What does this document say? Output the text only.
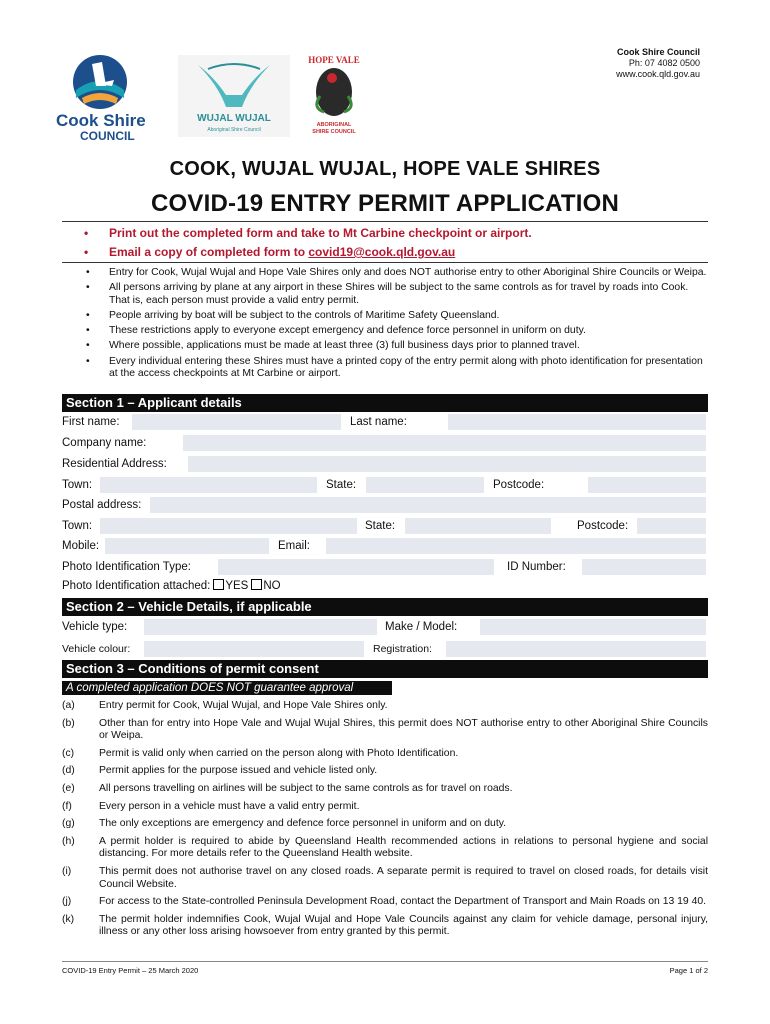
Cook Shire Council
Ph: 07 4082 0500
www.cook.qld.gov.au
Cook Shire
COUNCIL
WUJAL WUJAL
Aboriginal Shire Council
HOPE VALE
ABORIGINAL
SHIRE COUNCIL
COOK, WUJAL WUJAL, HOPE VALE SHIRES
COVID-19 ENTRY PERMIT APPLICATION
• Print out the completed form and take to Mt Carbine checkpoint or airport.
• Email a copy of completed form to covid19@cook.qld.gov.au
• Entry for Cook, Wujal Wujal and Hope Vale Shires only and does NOT authorise entry to other Aboriginal Shire Councils or Weipa.
• All persons arriving by plane at any airport in these Shires will be subject to the same controls as for travel by roads into Cook. That is, each person must provide a valid entry permit.
• People arriving by boat will be subject to the controls of Maritime Safety Queensland.
• These restrictions apply to everyone except emergency and defence force personnel in uniform on duty.
• Where possible, applications must be made at least three (3) full business days prior to planned travel.
• Every individual entering these Shires must have a printed copy of the entry permit along with photo identification for presentation at the access checkpoints at Mt Carbine or airport.
Section 1 – Applicant details
First name:	Last name:
Company name:
Residential Address:
Town:	State:	Postcode:
Postal address:
Town:	State:	Postcode:
Mobile:	Email:
Photo Identification Type:	ID Number:
Photo Identification attached: YES NO
Section 2 – Vehicle Details, if applicable
Vehicle type:	Make / Model:
Vehicle colour:	Registration:
Section 3 – Conditions of permit consent
A completed application DOES NOT guarantee approval
(a)	Entry permit for Cook, Wujal Wujal, and Hope Vale Shires only.
(b)	Other than for entry into Hope Vale and Wujal Wujal Shires, this permit does NOT authorise entry to other Aboriginal Shire Councils or Weipa.
(c)	Permit is valid only when carried on the person along with Photo Identification.
(d)	Permit applies for the purpose issued and vehicle listed only.
(e)	All persons travelling on airlines will be subject to the same controls as for travel on roads.
(f)	Every person in a vehicle must have a valid entry permit.
(g)	The only exceptions are emergency and defence force personnel in uniform and on duty.
(h)	A permit holder is required to abide by Queensland Health recommended actions in relations to personal hygiene and social distancing. For more details refer to the Queensland Health website.
(i)	This permit does not authorise travel on any closed roads. A separate permit is required to travel on closed roads, for details visit Council Website.
(j)	For access to the State-controlled Peninsula Development Road, contact the Department of Transport and Main Roads on 13 19 40.
(k)	The permit holder indemnifies Cook, Wujal Wujal and Hope Vale Councils against any claim for vehicle damage, personal injury, illness or any other loss arising howsoever from entry granted by this permit.
COVID-19 Entry Permit – 25 March 2020	Page 1 of 2
